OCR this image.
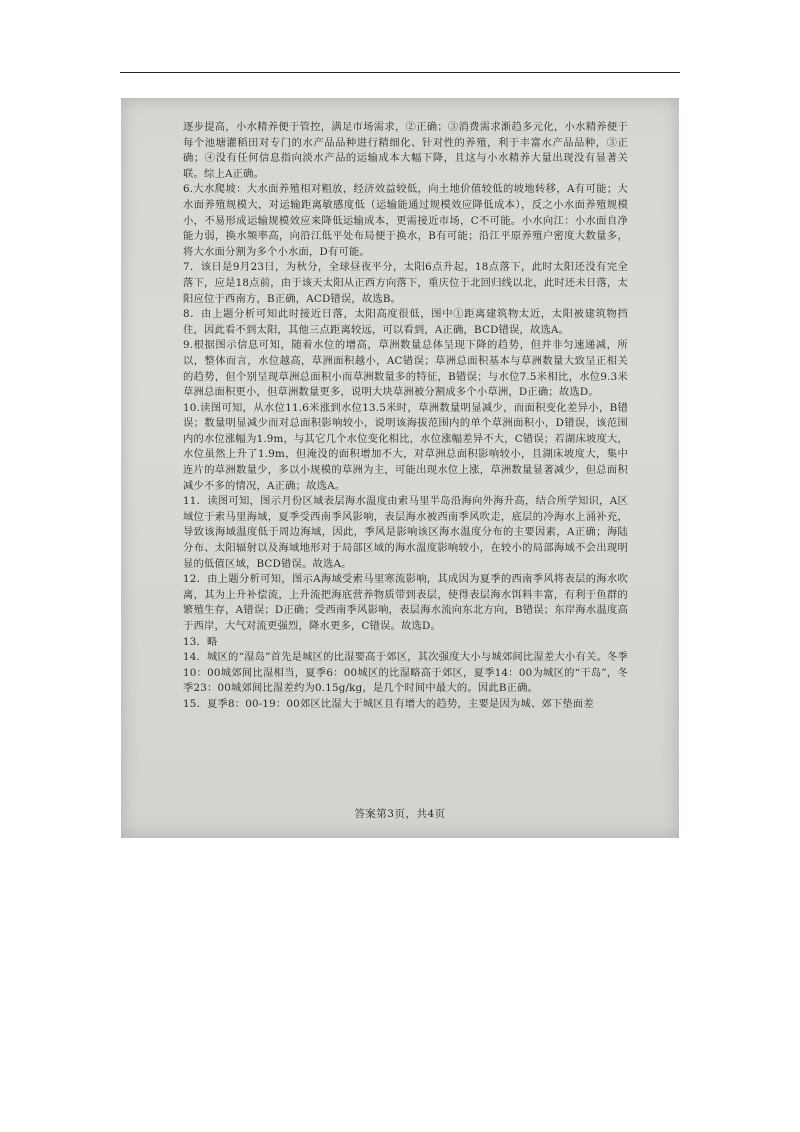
逐步提高，小水精养便于管控，满足市场需求，②正确；③消费需求渐趋多元化，小水精养便于每个池塘灌稻田对专门的水产品品种进行精细化、针对性的养殖，利于丰富水产品品种，③正确；④没有任何信息指向淡水产品的运输成本大幅下降，且这与小水精养大量出现没有显著关联。综上A正确。

6.大水爬坡：大水面养殖相对粗放，经济效益较低，向土地价值较低的坡地转移，A有可能；大水面养殖规模大，对运输距离敏感度低（运输能通过规模效应降低成本），反之小水面养殖规模小，不易形成运输规模效应来降低运输成本，更需接近市场，C不可能。小水向江：小水面自净能力弱，换水频率高，向沿江低平处布局便于换水，B有可能；沿江平原养殖户密度大数量多，将大水面分割为多个小水面，D有可能。

7．该日是9月23日，为秋分，全球昼夜平分，太阳6点升起，18点落下，此时太阳还没有完全落下，应是18点前，由于该天太阳从正西方向落下，重庆位于北回归线以北，此时还未日落，太阳应位于西南方，B正确，ACD错误，故选B。

8．由上题分析可知此时接近日落，太阳高度很低，图中①距离建筑物太近，太阳被建筑物挡住，因此看不到太阳，其他三点距离较远，可以看到，A正确，BCD错误，故选A。

9.根据图示信息可知，随着水位的增高，草洲数量总体呈现下降的趋势，但并非匀速递减，所以，整体而言，水位越高，草洲面积越小，AC错误；草洲总面积基本与草洲数量大致呈正相关的趋势，但个别呈现草洲总面积小而草洲数量多的特征，B错误；与水位7.5米相比，水位9.3米草洲总面积更小，但草洲数量更多，说明大块草洲被分割成多个小草洲，D正确；故选D。

10.读图可知，从水位11.6米涨到水位13.5米时，草洲数量明显减少，而面积变化差异小，B错误；数量明显减少而对总面积影响较小，说明该海拔范围内的单个草洲面积小，D错误，该范围内的水位涨幅为1.9m，与其它几个水位变化相比，水位涨幅差异不大，C错误；若湖床坡度大，水位虽然上升了1.9m，但淹没的面积增加不大，对草洲总面积影响较小，且湖床坡度大，集中连片的草洲数量少，多以小规模的草洲为主，可能出现水位上涨，草洲数量显著减少，但总面积减少不多的情况，A正确；故选A。

11．读图可知，图示月份区域表层海水温度由索马里半岛沿海向外海升高，结合所学知识，A区域位于索马里海域，夏季受西南季风影响，表层海水被西南季风吹走，底层的冷海水上涌补充，导致该海域温度低于周边海域，因此，季风是影响该区海水温度分布的主要因素，A正确；海陆分布、太阳辐射以及海域地形对于局部区域的海水温度影响较小，在较小的局部海域不会出现明显的低值区域，BCD错误。故选A。

12．由上题分析可知，图示A海域受索马里寒流影响，其成因为夏季的西南季风将表层的海水吹离，其为上升补偿流，上升流把海底营养物质带到表层，使得表层海水饵料丰富，有利于鱼群的繁殖生存，A错误；D正确；受西南季风影响，表层海水流向东北方向，B错误；东岸海水温度高于西岸，大气对流更强烈，降水更多，C错误。故选D。

13．略

14．城区的“湿岛”首先是城区的比湿要高于郊区，其次强度大小与城郊间比湿差大小有关。冬季10：00城郊间比湿相当，夏季6：00城区的比湿略高于郊区，夏季14：00为城区的“干岛”，冬季23：00城郊间比湿差约为0.15g/kg，是几个时间中最大的。因此B正确。

15．夏季8：00-19：00郊区比湿大于城区且有增大的趋势，主要是因为城、郊下垫面差

答案第3页，共4页
